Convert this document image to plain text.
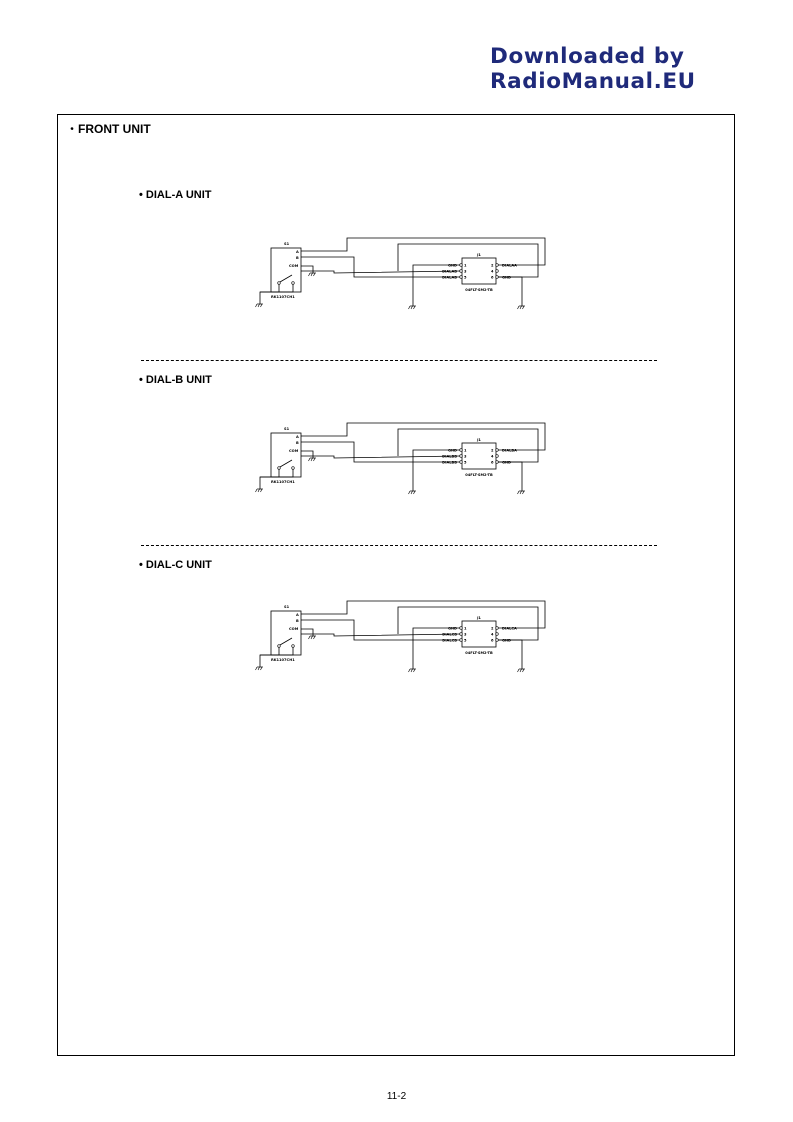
Downloaded by
RadioManual.EU
・FRONT UNIT
• DIAL-A UNIT
S1
A
B
COM
RK1107CH1
J1
1	2
GND	DIALAA
3	4
DIALAB
5	6
DIALAB	GND
04FLT-SM2-TB
• DIAL-B UNIT
S1
A
B
COM
RK1107CH1
J1
1	2
GND	DIALBA
3	4
DIALBB
5	6
DIALBB	GND
04FLT-SM2-TB
• DIAL-C UNIT
S1
A
B
COM
RK1107CH1
J1
1	2
GND	DIALCA
3	4
DIALCB
5	6
DIALCB	GND
04FLT-SM2-TB
11-2
